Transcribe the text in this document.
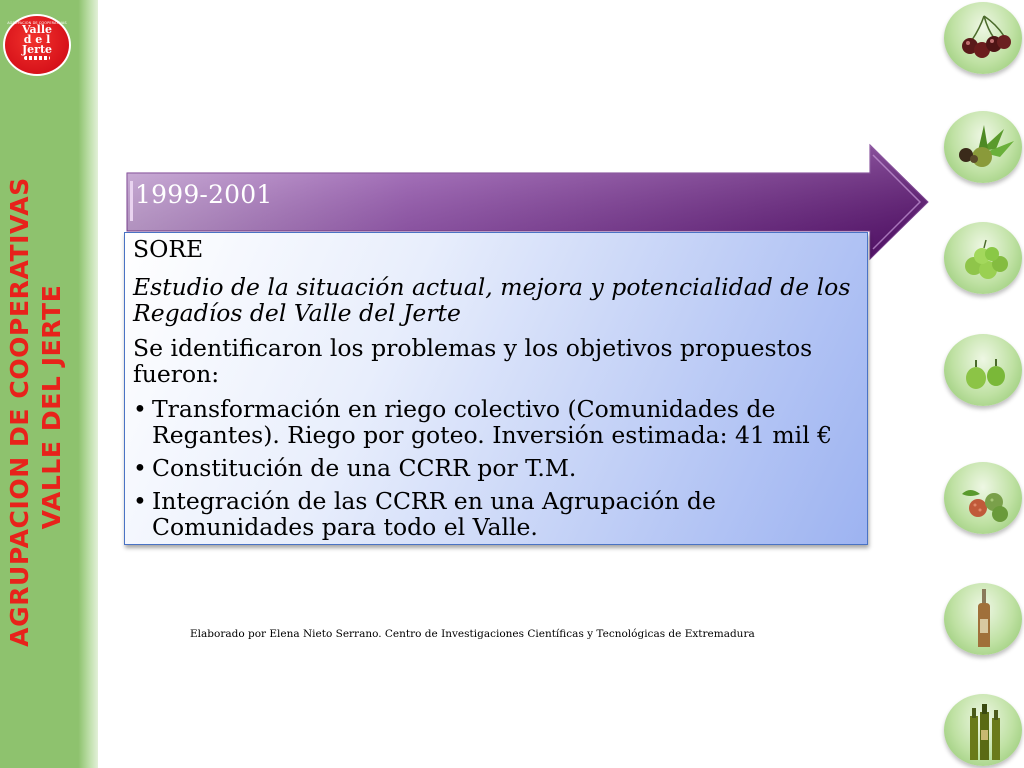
AGRUPACION DE COOPERATIVAS
Valle
d e l
Jerte
AGRUPACION DE COOPERATIVAS VALLE DEL JERTE
1999-2001

SORE

Estudio de la situación actual, mejora y potencialidad de los Regadíos del Valle del Jerte

Se identificaron los problemas y los objetivos propuestos fueron:

• Transformación en riego colectivo (Comunidades de Regantes). Riego por goteo. Inversión estimada: 41 mil €
• Constitución de una CCRR por T.M.
• Integración de las CCRR en una Agrupación de Comunidades para todo el Valle.
Elaborado por Elena Nieto Serrano. Centro de Investigaciones Científicas y Tecnológicas de Extremadura
